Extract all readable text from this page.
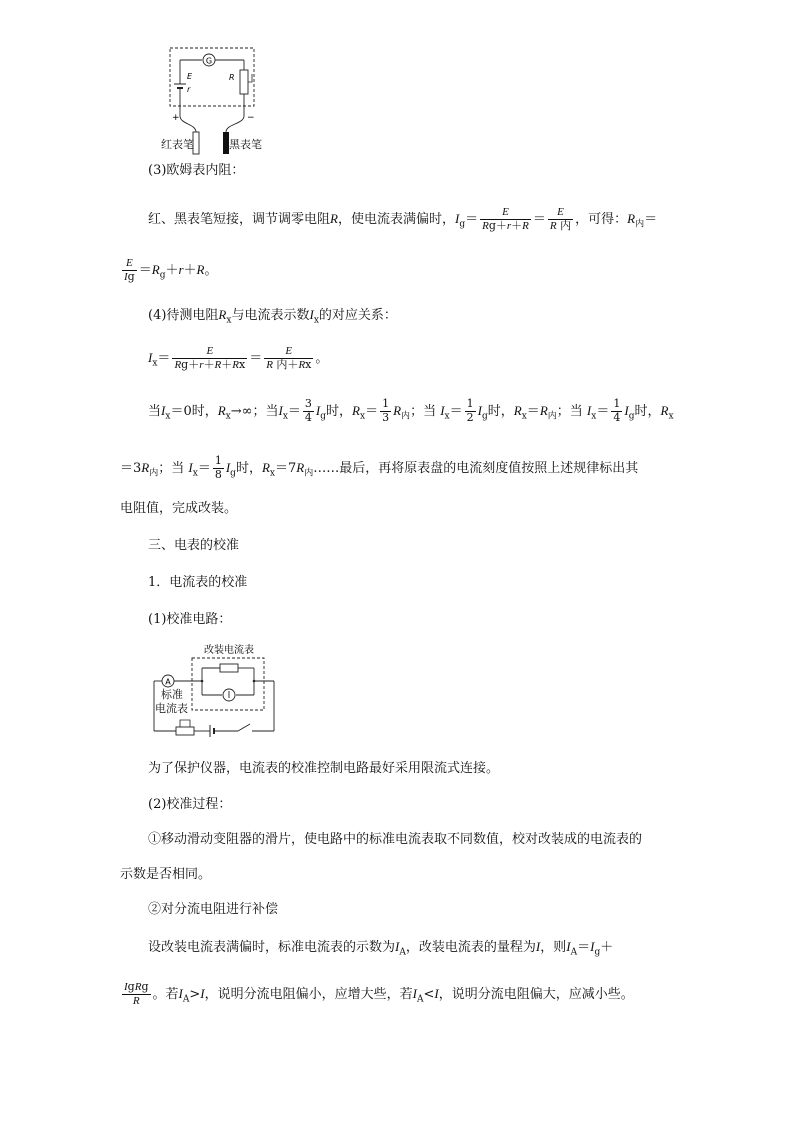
G
E
r
R
+	−
红表笔	黑表笔
(3)欧姆表内阻：
红、黑表笔短接，调节调零电阻R，使电流表满偏时，$I_g= \frac{E}{Rg+r+R} = \frac{E}{\text{R 内}}$ ，可得：$R_内=$
$\frac{E}{Ig} =R_g+r+R$。
(4)待测电阻$R_x$与电流表示数$I_x$的对应关系：
$I_x= \frac{E}{Rg+r+R+Rx} = \frac{E}{\text{R 内＋Rx}}$ 。
当$I_x=0$时，$R_x\to\infty$；当$I_x= \frac{3}{4} I_g$时，$R_x= \frac{1}{3} R_内$；当 $I_x= \frac{1}{2} I_g$时，$R_x=R_内$；当 $I_x= \frac{1}{4} I_g$时，$R_x$
$=3R_内$；当 $I_x= \frac{1}{8} I_g$时，$R_x=7R_内\dots\dots$最后，再将原表盘的电流刻度值按照上述规律标出其
电阻值，完成改装。
三、电表的校准
1．电流表的校准
(1)校准电路：
改装电流表
A
标准
电流表
为了保护仪器，电流表的校准控制电路最好采用限流式连接。
(2)校准过程：
①移动滑动变阻器的滑片，使电路中的标准电流表取不同数值，校对改装成的电流表的
示数是否相同。
②对分流电阻进行补偿
设改装电流表满偏时，标准电流表的示数为$I_A$，改装电流表的量程为I，则$I_A=I_g+$
$\frac{\text{IgRg}}{R}$ 。若$I_A>I$，说明分流电阻偏小，应增大些，若$I_A<I$，说明分流电阻偏大，应减小些。
